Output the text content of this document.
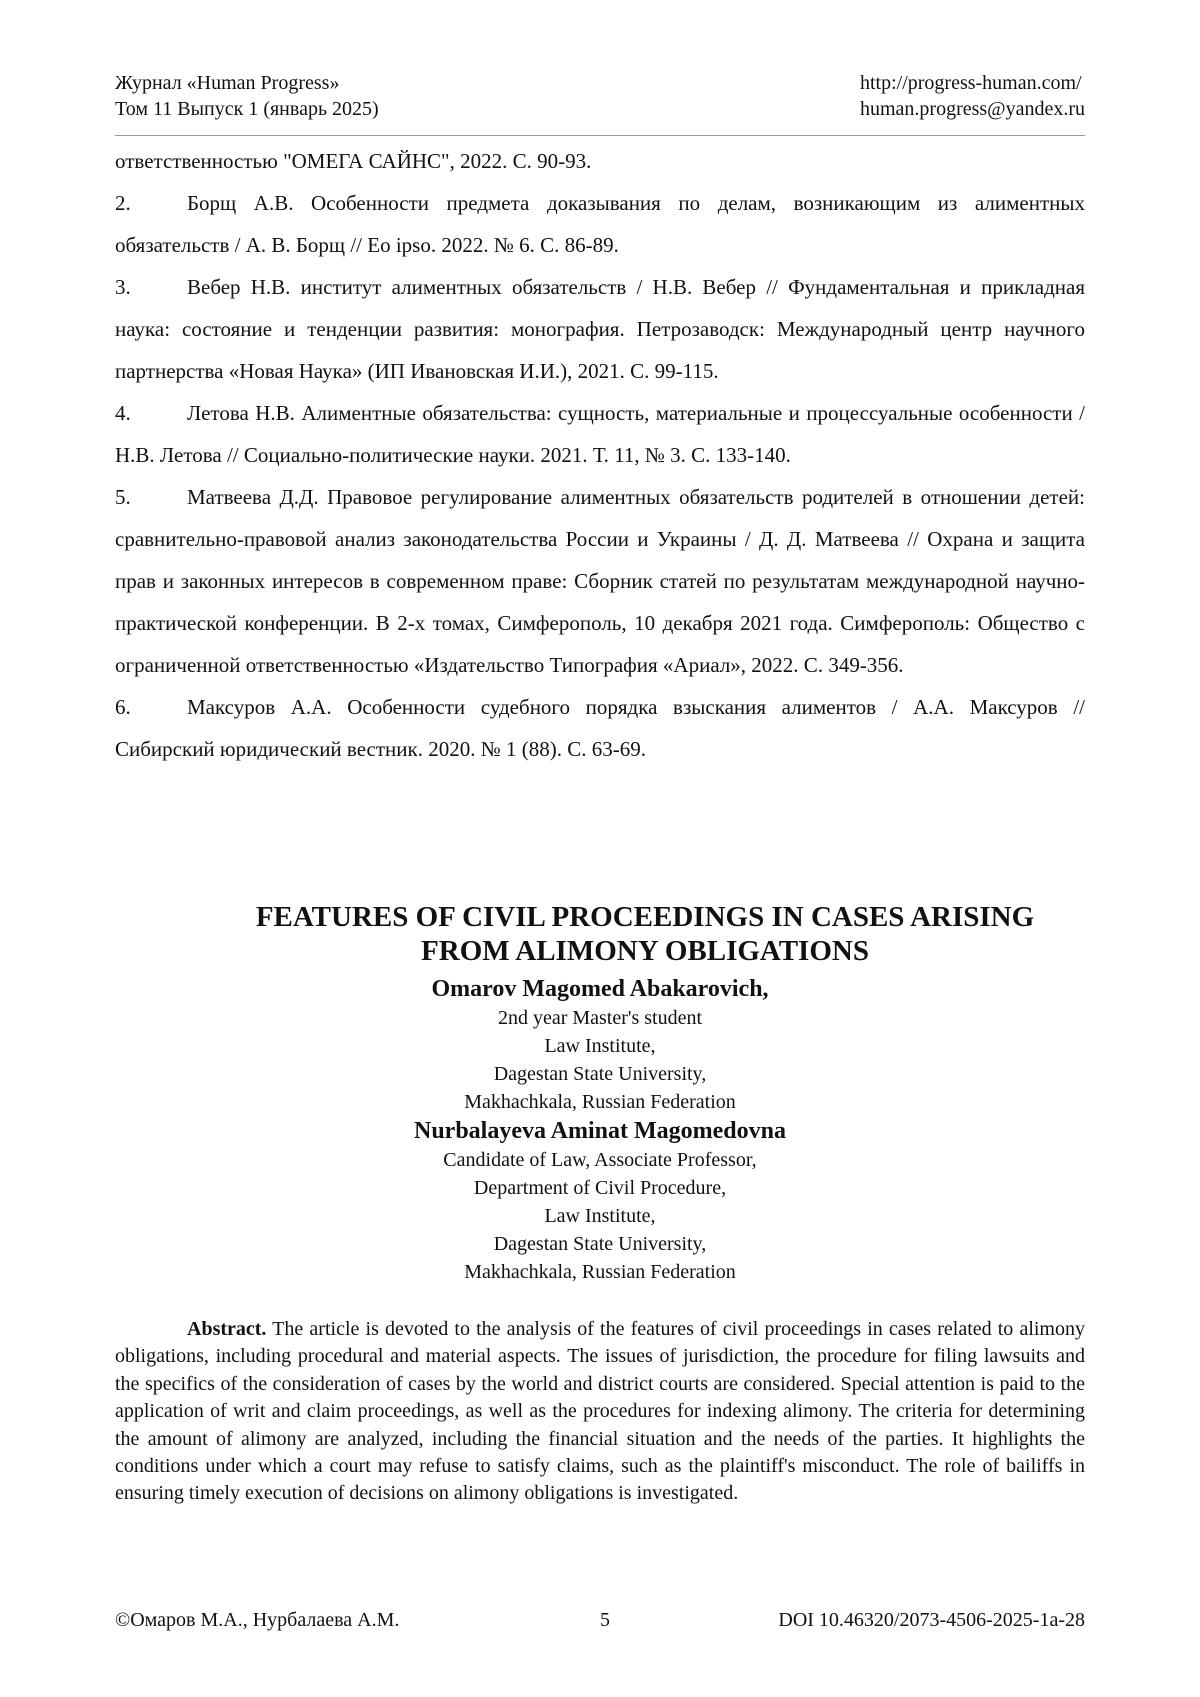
Журнал «Human Progress»
Том 11 Выпуск 1 (январь 2025)
http://progress-human.com/
human.progress@yandex.ru
ответственностью "ОМЕГА САЙНС", 2022. С. 90-93.
2.	Борщ А.В. Особенности предмета доказывания по делам, возникающим из алиментных обязательств / А. В. Борщ // Eo ipso. 2022. № 6. С. 86-89.
3.	Вебер Н.В. институт алиментных обязательств / Н.В. Вебер // Фундаментальная и прикладная наука: состояние и тенденции развития: монография. Петрозаводск: Международный центр научного партнерства «Новая Наука» (ИП Ивановская И.И.), 2021. С. 99-115.
4.	Летова Н.В. Алиментные обязательства: сущность, материальные и процессуальные особенности / Н.В. Летова // Социально-политические науки. 2021. Т. 11, № 3. С. 133-140.
5.	Матвеева Д.Д. Правовое регулирование алиментных обязательств родителей в отношении детей: сравнительно-правовой анализ законодательства России и Украины / Д. Д. Матвеева // Охрана и защита прав и законных интересов в современном праве: Сборник статей по результатам международной научно-практической конференции. В 2-х томах, Симферополь, 10 декабря 2021 года. Симферополь: Общество с ограниченной ответственностью «Издательство Типография «Ариал», 2022. С. 349-356.
6.	Максуров А.А. Особенности судебного порядка взыскания алиментов / А.А. Максуров // Сибирский юридический вестник. 2020. № 1 (88). С. 63-69.
FEATURES OF CIVIL PROCEEDINGS IN CASES ARISING
FROM ALIMONY OBLIGATIONS
Omarov Magomed Abakarovich,
2nd year Master's student
Law Institute,
Dagestan State University,
Makhachkala, Russian Federation
Nurbalayeva Aminat Magomedovna
Candidate of Law, Associate Professor,
Department of Civil Procedure,
Law Institute,
Dagestan State University,
Makhachkala, Russian Federation
Abstract. The article is devoted to the analysis of the features of civil proceedings in cases related to alimony obligations, including procedural and material aspects. The issues of jurisdiction, the procedure for filing lawsuits and the specifics of the consideration of cases by the world and district courts are considered. Special attention is paid to the application of writ and claim proceedings, as well as the procedures for indexing alimony. The criteria for determining the amount of alimony are analyzed, including the financial situation and the needs of the parties. It highlights the conditions under which a court may refuse to satisfy claims, such as the plaintiff's misconduct. The role of bailiffs in ensuring timely execution of decisions on alimony obligations is investigated.
©Омаров М.А., Нурбалаева А.М.	5	DOI 10.46320/2073-4506-2025-1a-28
